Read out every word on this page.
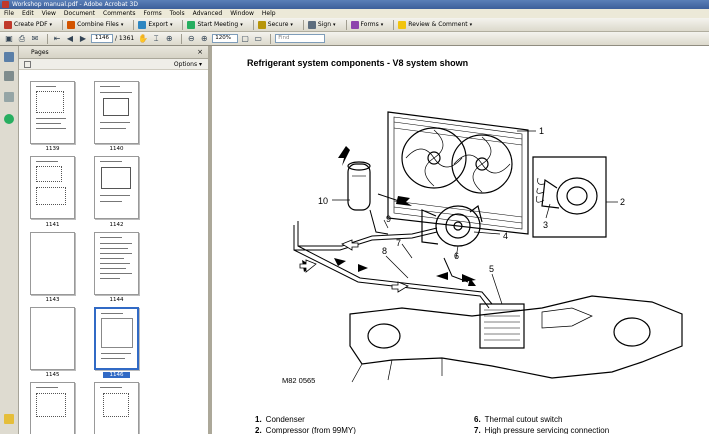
Workshop manual.pdf - Adobe Acrobat 3D
File Edit View Document Comments Forms Tools Advanced Window Help
Create PDF ▾	Combine Files ▾	Export ▾	Start Meeting ▾	Secure ▾	Sign ▾	Forms ▾	Review & Comment ▾
▣ ⎙ ✉ ⇤ ◀ ▶	1146	/ 1361 ✋ ⌶ ⊕ ⊖ ⊕	120%	▢ ▭	Find
Pages	×
Options ▾
1139	1140
1141	1142
1143	1144
1145	1146
Refrigerant system components - V8 system shown
1
2
3
4
5
6
7
8
9
10
M82 0565
1. Condenser
2. Compressor (from 99MY)
6. Thermal cutout switch
7. High pressure servicing connection
